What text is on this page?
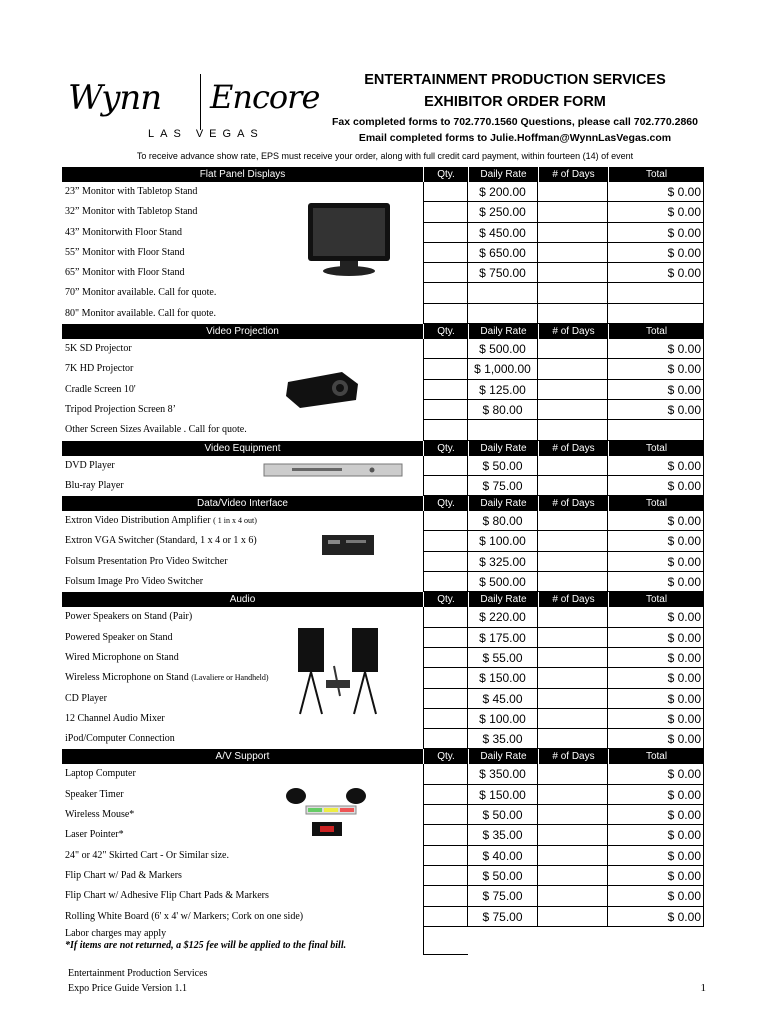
Wynn Encore
LAS VEGAS
ENTERTAINMENT PRODUCTION SERVICES
EXHIBITOR ORDER FORM
Fax completed forms to 702.770.1560 Questions, please call 702.770.2860
Email completed forms to Julie.Hoffman@WynnLasVegas.com
To receive advance show rate, EPS must receive your order, along with full credit card payment, within fourteen (14) of event
Flat Panel Displays	Qty.	Daily Rate	# of Days	Total
23” Monitor with Tabletop Stand	$ 200.00	$ 0.00
32” Monitor with Tabletop Stand	$ 250.00	$ 0.00
43” Monitorwith Floor Stand	$ 450.00	$ 0.00
55” Monitor with Floor Stand	$ 650.00	$ 0.00
65” Monitor with Floor Stand	$ 750.00	$ 0.00
70” Monitor available. Call for quote.
80" Monitor available. Call for quote.
Video Projection	Qty.	Daily Rate	# of Days	Total
5K SD Projector	$ 500.00	$ 0.00
7K HD Projector	$ 1,000.00	$ 0.00
Cradle Screen 10'	$ 125.00	$ 0.00
Tripod Projection Screen 8’	$ 80.00	$ 0.00
Other Screen Sizes Available . Call for quote.
Video Equipment	Qty.	Daily Rate	# of Days	Total
DVD Player	$ 50.00	$ 0.00
Blu-ray Player	$ 75.00	$ 0.00
Data/Video Interface	Qty.	Daily Rate	# of Days	Total
Extron Video Distribution Amplifier ( 1 in x 4 out)	$ 80.00	$ 0.00
Extron VGA Switcher (Standard, 1 x 4 or 1 x 6)	$ 100.00	$ 0.00
Folsum Presentation Pro Video Switcher	$ 325.00	$ 0.00
Folsum Image Pro Video Switcher	$ 500.00	$ 0.00
Audio	Qty.	Daily Rate	# of Days	Total
Power Speakers on Stand (Pair)	$ 220.00	$ 0.00
Powered Speaker on Stand	$ 175.00	$ 0.00
Wired Microphone on Stand	$ 55.00	$ 0.00
Wireless Microphone on Stand (Lavaliere or Handheld)	$ 150.00	$ 0.00
CD Player	$ 45.00	$ 0.00
12 Channel Audio Mixer	$ 100.00	$ 0.00
iPod/Computer Connection	$ 35.00	$ 0.00
A/V Support	Qty.	Daily Rate	# of Days	Total
Laptop Computer	$ 350.00	$ 0.00
Speaker Timer	$ 150.00	$ 0.00
Wireless Mouse*	$ 50.00	$ 0.00
Laser Pointer*	$ 35.00	$ 0.00
24" or 42" Skirted Cart - Or Similar size.	$ 40.00	$ 0.00
Flip Chart w/ Pad & Markers	$ 50.00	$ 0.00
Flip Chart w/ Adhesive Flip Chart Pads & Markers	$ 75.00	$ 0.00
Rolling White Board (6' x 4' w/ Markers; Cork on one side)	$ 75.00	$ 0.00
Labor charges may apply
*If items are not returned, a $125 fee will be applied to the final bill.
Entertainment Production Services
Expo Price Guide Version 1.1	1
